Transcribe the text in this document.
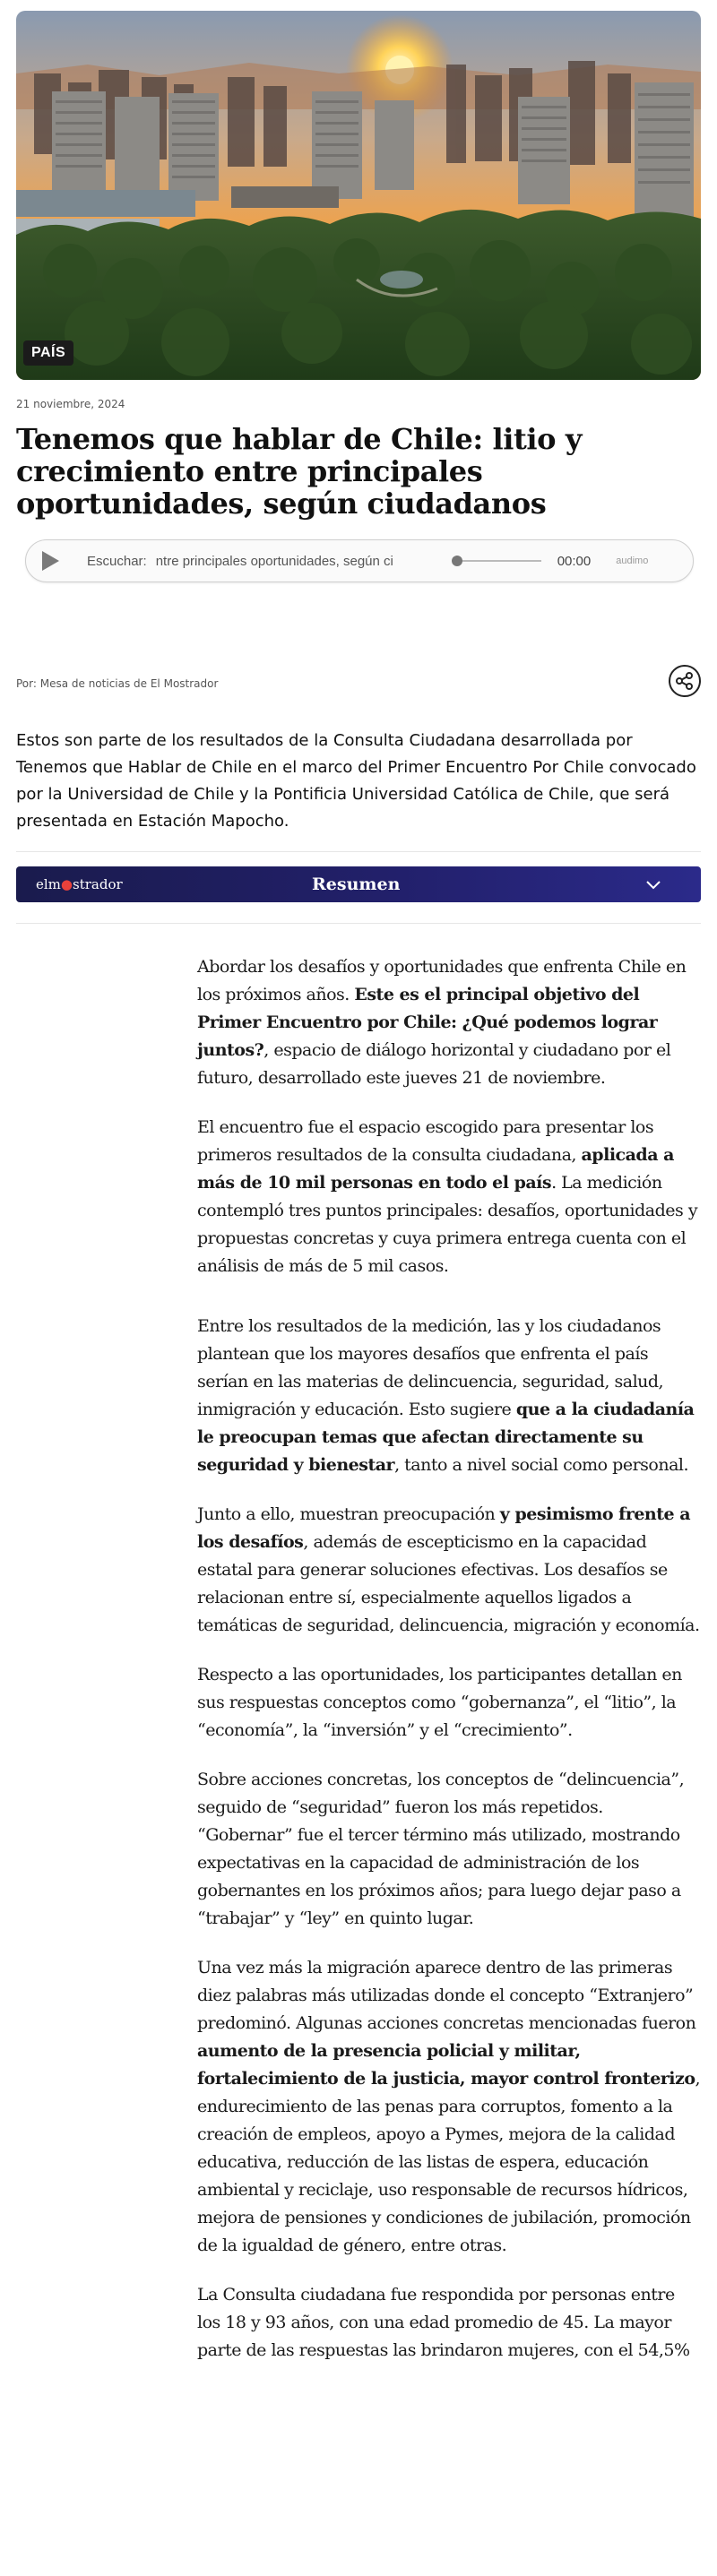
PAÍS
21 noviembre, 2024
Tenemos que hablar de Chile: litio y crecimiento entre principales oportunidades, según ciudadanos
Escuchar: ntre principales oportunidades, según ci	00:00	audimo
Por: Mesa de noticias de El Mostrador

Estos son parte de los resultados de la Consulta Ciudadana desarrollada por Tenemos que Hablar de Chile en el marco del Primer Encuentro Por Chile convocado por la Universidad de Chile y la Pontificia Universidad Católica de Chile, que será presentada en Estación Mapocho.

elm●strador	Resumen

Abordar los desafíos y oportunidades que enfrenta Chile en los próximos años. Este es el principal objetivo del Primer Encuentro por Chile: ¿Qué podemos lograr juntos?, espacio de diálogo horizontal y ciudadano por el futuro, desarrollado este jueves 21 de noviembre.

El encuentro fue el espacio escogido para presentar los primeros resultados de la consulta ciudadana, aplicada a más de 10 mil personas en todo el país. La medición contempló tres puntos principales: desafíos, oportunidades y propuestas concretas y cuya primera entrega cuenta con el análisis de más de 5 mil casos.

Entre los resultados de la medición, las y los ciudadanos plantean que los mayores desafíos que enfrenta el país serían en las materias de delincuencia, seguridad, salud, inmigración y educación. Esto sugiere que a la ciudadanía le preocupan temas que afectan directamente su seguridad y bienestar, tanto a nivel social como personal.

Junto a ello, muestran preocupación y pesimismo frente a los desafíos, además de escepticismo en la capacidad estatal para generar soluciones efectivas. Los desafíos se relacionan entre sí, especialmente aquellos ligados a temáticas de seguridad, delincuencia, migración y economía.

Respecto a las oportunidades, los participantes detallan en sus respuestas conceptos como “gobernanza”, el “litio”, la “economía”, la “inversión” y el “crecimiento”.

Sobre acciones concretas, los conceptos de “delincuencia”, seguido de “seguridad” fueron los más repetidos. “Gobernar” fue el tercer término más utilizado, mostrando expectativas en la capacidad de administración de los gobernantes en los próximos años; para luego dejar paso a “trabajar” y “ley” en quinto lugar.

Una vez más la migración aparece dentro de las primeras diez palabras más utilizadas donde el concepto “Extranjero” predominó. Algunas acciones concretas mencionadas fueron aumento de la presencia policial y militar, fortalecimiento de la justicia, mayor control fronterizo, endurecimiento de las penas para corruptos, fomento a la creación de empleos, apoyo a Pymes, mejora de la calidad educativa, reducción de las listas de espera, educación ambiental y reciclaje, uso responsable de recursos hídricos, mejora de pensiones y condiciones de jubilación, promoción de la igualdad de género, entre otras.

La Consulta ciudadana fue respondida por personas entre los 18 y 93 años, con una edad promedio de 45. La mayor parte de las respuestas las brindaron mujeres, con el 54,5%
